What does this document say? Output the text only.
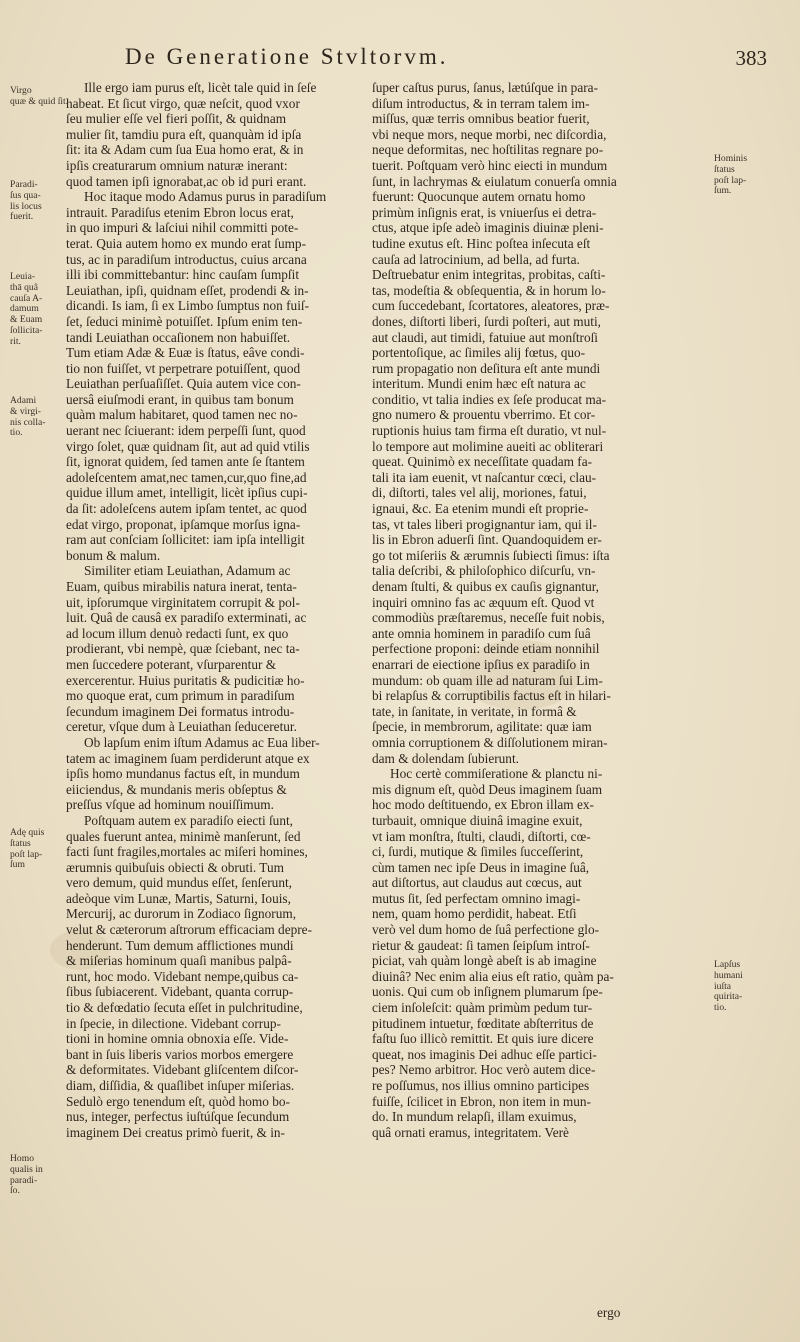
De Generatione Stvltorvm.	383
Ille ergo iam purus eſt, licèt tale quid in ſeſe
habeat. Et ſicut virgo, quæ neſcit, quod vxor
ſeu mulier eſſe vel fieri poſſit, & quidnam
mulier ſit, tamdiu pura eſt, quanquàm id ipſa
ſit: ita & Adam cum ſua Eua homo erat, & in
ipſis creaturarum omnium naturæ inerant:
quod tamen ipſi ignorabat,ac ob id puri erant.
Hoc itaque modo Adamus purus in paradiſum
intrauit. Paradiſus etenim Ebron locus erat,
in quo impuri & laſciui nihil committi pote-
terat. Quia autem homo ex mundo erat ſump-
tus, ac in paradiſum introductus, cuius arcana
illi ibi committebantur: hinc cauſam ſumpſit
Leuiathan, ipſi, quidnam eſſet, prodendi & in-
dicandi. Is iam, ſi ex Limbo ſumptus non fuiſ-
ſet, ſeduci minimè potuiſſet. Ipſum enim ten-
tandi Leuiathan occaſionem non habuiſſet.
Tum etiam Adæ & Euæ is ſtatus, eâve condi-
tio non fuiſſet, vt perpetrare potuiſſent, quod
Leuiathan perſuaſiſſet. Quia autem vice con-
uersâ eiuſmodi erant, in quibus tam bonum
quàm malum habitaret, quod tamen nec no-
uerant nec ſciuerant: idem perpeſſi ſunt, quod
virgo ſolet, quæ quidnam ſit, aut ad quid vtilis
ſit, ignorat quidem, ſed tamen ante ſe ſtantem
adoleſcentem amat,nec tamen,cur,quo fine,ad
quidue illum amet, intelligit, licèt ipſius cupi-
da ſit: adoleſcens autem ipſam tentet, ac quod
edat virgo, proponat, ipſamque morſus igna-
ram aut conſciam ſollicitet: iam ipſa intelligit
bonum & malum.
Similiter etiam Leuiathan, Adamum ac
Euam, quibus mirabilis natura inerat, tenta-
uit, ipſorumque virginitatem corrupit & pol-
luit. Quâ de causâ ex paradiſo exterminati, ac
ad locum illum denuò redacti ſunt, ex quo
prodierant, vbi nempè, quæ ſciebant, nec ta-
men ſuccedere poterant, vſurparentur &
exercerentur. Huius puritatis & pudicitiæ ho-
mo quoque erat, cum primum in paradiſum
ſecundum imaginem Dei formatus introdu-
ceretur, vſque dum à Leuiathan ſeduceretur.
Ob lapſum enim iſtum Adamus ac Eua liber-
tatem ac imaginem ſuam perdiderunt atque ex
ipſis homo mundanus factus eſt, in mundum
eiiciendus, & mundanis meris obſeptus &
preſſus vſque ad hominum nouiſſimum.
Poſtquam autem ex paradiſo eiecti ſunt,
quales fuerunt antea, minimè manſerunt, ſed
facti ſunt fragiles,mortales ac miſeri homines,
ærumnis quibuſuis obiecti & obruti. Tum
vero demum, quid mundus eſſet, ſenſerunt,
adeòque vim Lunæ, Martis, Saturni, Iouis,
Mercurij, ac durorum in Zodiaco ſignorum,
velut & cæterorum aſtrorum efficaciam depre-
henderunt. Tum demum afflictiones mundi
& miſerias hominum quaſi manibus palpâ-
runt, hoc modo. Videbant nempe,quibus ca-
ſibus ſubiacerent. Videbant, quanta corrup-
tio & defœdatio ſecuta eſſet in pulchritudine,
in ſpecie, in dilectione. Videbant corrup-
tioni in homine omnia obnoxia eſſe. Vide-
bant in ſuis liberis varios morbos emergere
& deformitates. Videbant gliſcentem diſcor-
diam, diſſidia, & quaſlibet inſuper miſerias.
Sedulò ergo tenendum eſt, quòd homo bo-
nus, integer, perfectus iuſtúſque ſecundum
imaginem Dei creatus primò fuerit, & in-
ſuper caſtus purus, ſanus, lætúſque in para-
diſum introductus, & in terram talem im-
miſſus, quæ terris omnibus beatior fuerit,
vbi neque mors, neque morbi, nec diſcordia,
neque deformitas, nec hoſtilitas regnare po-
tuerit. Poſtquam verò hinc eiecti in mundum
ſunt, in lachrymas & eiulatum conuerſa omnia
fuerunt: Quocunque autem ornatu homo
primùm inſignis erat, is vniuerſus ei detra-
ctus, atque ipſe adeò imaginis diuinæ pleni-
tudine exutus eſt. Hinc poſtea inſecuta eſt
cauſa ad latrocinium, ad bella, ad furta.
Deſtruebatur enim integritas, probitas, caſti-
tas, modeſtia & obſequentia, & in horum lo-
cum ſuccedebant, ſcortatores, aleatores, præ-
dones, diſtorti liberi, ſurdi poſteri, aut muti,
aut claudi, aut timidi, fatuiue aut monſtroſi
portentoſique, ac ſimiles alij fœtus, quo-
rum propagatio non deſitura eſt ante mundi
interitum. Mundi enim hæc eſt natura ac
conditio, vt talia indies ex ſeſe producat ma-
gno numero & prouentu vberrimo. Et cor-
ruptionis huius tam firma eſt duratio, vt nul-
lo tempore aut molimine aueiti ac obliterari
queat. Quinimò ex neceſſitate quadam fa-
tali ita iam euenit, vt naſcantur cœci, clau-
di, diſtorti, tales vel alij, moriones, fatui,
ignaui, &c. Ea etenim mundi eſt proprie-
tas, vt tales liberi progignantur iam, qui il-
lis in Ebron aduerſi ſint. Quandoquidem er-
go tot miſeriis & ærumnis ſubiecti ſimus: iſta
talia deſcribi, & philoſophico diſcurſu, vn-
denam ſtulti, & quibus ex cauſis gignantur,
inquiri omnino fas ac æquum eſt. Quod vt
commodiùs præſtaremus, neceſſe fuit nobis,
ante omnia hominem in paradiſo cum ſuâ
perfectione proponi: deinde etiam nonnihil
enarrari de eiectione ipſius ex paradiſo in
mundum: ob quam ille ad naturam ſui Lim-
bi relapſus & corruptibilis factus eſt in hilari-
tate, in ſanitate, in veritate, in formâ &
ſpecie, in membrorum, agilitate: quæ iam
omnia corruptionem & diſſolutionem miran-
dam & dolendam ſubierunt.
Hoc certè commiſeratione & planctu ni-
mis dignum eſt, quòd Deus imaginem ſuam
hoc modo deſtituendo, ex Ebron illam ex-
turbauit, omnique diuinâ imagine exuit,
vt iam monſtra, ſtulti, claudi, diſtorti, cœ-
ci, ſurdi, mutique & ſimiles ſucceſſerint,
cùm tamen nec ipſe Deus in imagine ſuâ,
aut diſtortus, aut claudus aut cœcus, aut
mutus ſit, ſed perfectam omnino imagi-
nem, quam homo perdidit, habeat. Etſi
verò vel dum homo de ſuâ perfectione glo-
rietur & gaudeat: ſi tamen ſeipſum introſ-
piciat, vah quàm longè abeſt is ab imagine
diuinâ? Nec enim alia eius eſt ratio, quàm pa-
uonis. Qui cum ob inſignem plumarum ſpe-
ciem inſoleſcit: quàm primùm pedum tur-
pitudinem intuetur, fœditate abſterritus de
faſtu ſuo illicò remittit. Et quis iure dicere
queat, nos imaginis Dei adhuc eſſe partici-
pes? Nemo arbitror. Hoc verò autem dice-
re poſſumus, nos illius omnino participes
fuiſſe, ſcilicet in Ebron, non item in mun-
do. In mundum relapſi, illam exuimus,
quâ ornati eramus, integritatem. Verè
Virgo
quæ & quid ſit.
Paradi-
ſus qua-
lis locus
fuerit.
Leuia-
thā quâ
cauſa A-
damum
& Euam
ſollicita-
rit.
Adami
& virgi-
nis colla-
tio.
Adę quis
ſtatus
poſt lap-
ſum
Homo
qualis in
paradi-
ſo.
Hominis
ſtatus
poſt lap-
ſum.
Lapſus
humani
iuſta
quirita-
tio.
ergo
